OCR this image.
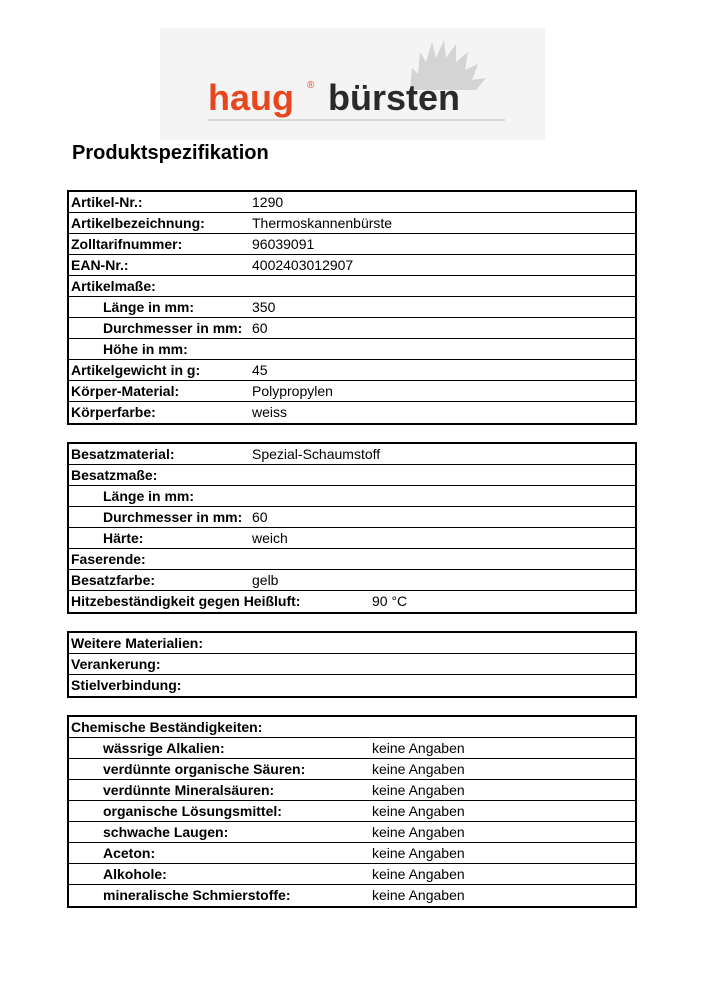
haug ® bürsten
Produktspezifikation
Artikel-Nr.:	1290
Artikelbezeichnung:	Thermoskannenbürste
Zolltarifnummer:	96039091
EAN-Nr.:	4002403012907
Artikelmaße:
Länge in mm:	350
Durchmesser in mm: 60
Höhe in mm:
Artikelgewicht in g:	45
Körper-Material:	Polypropylen
Körperfarbe:	weiss
Besatzmaterial:	Spezial-Schaumstoff
Besatzmaße:
Länge in mm:
Durchmesser in mm: 60
Härte:	weich
Faserende:
Besatzfarbe:	gelb
Hitzebeständigkeit gegen Heißluft:	90 °C
Weitere Materialien:
Verankerung:
Stielverbindung:
Chemische Beständigkeiten:
wässrige Alkalien:	keine Angaben
verdünnte organische Säuren:	keine Angaben
verdünnte Mineralsäuren:	keine Angaben
organische Lösungsmittel:	keine Angaben
schwache Laugen:	keine Angaben
Aceton:	keine Angaben
Alkohole:	keine Angaben
mineralische Schmierstoffe:	keine Angaben
